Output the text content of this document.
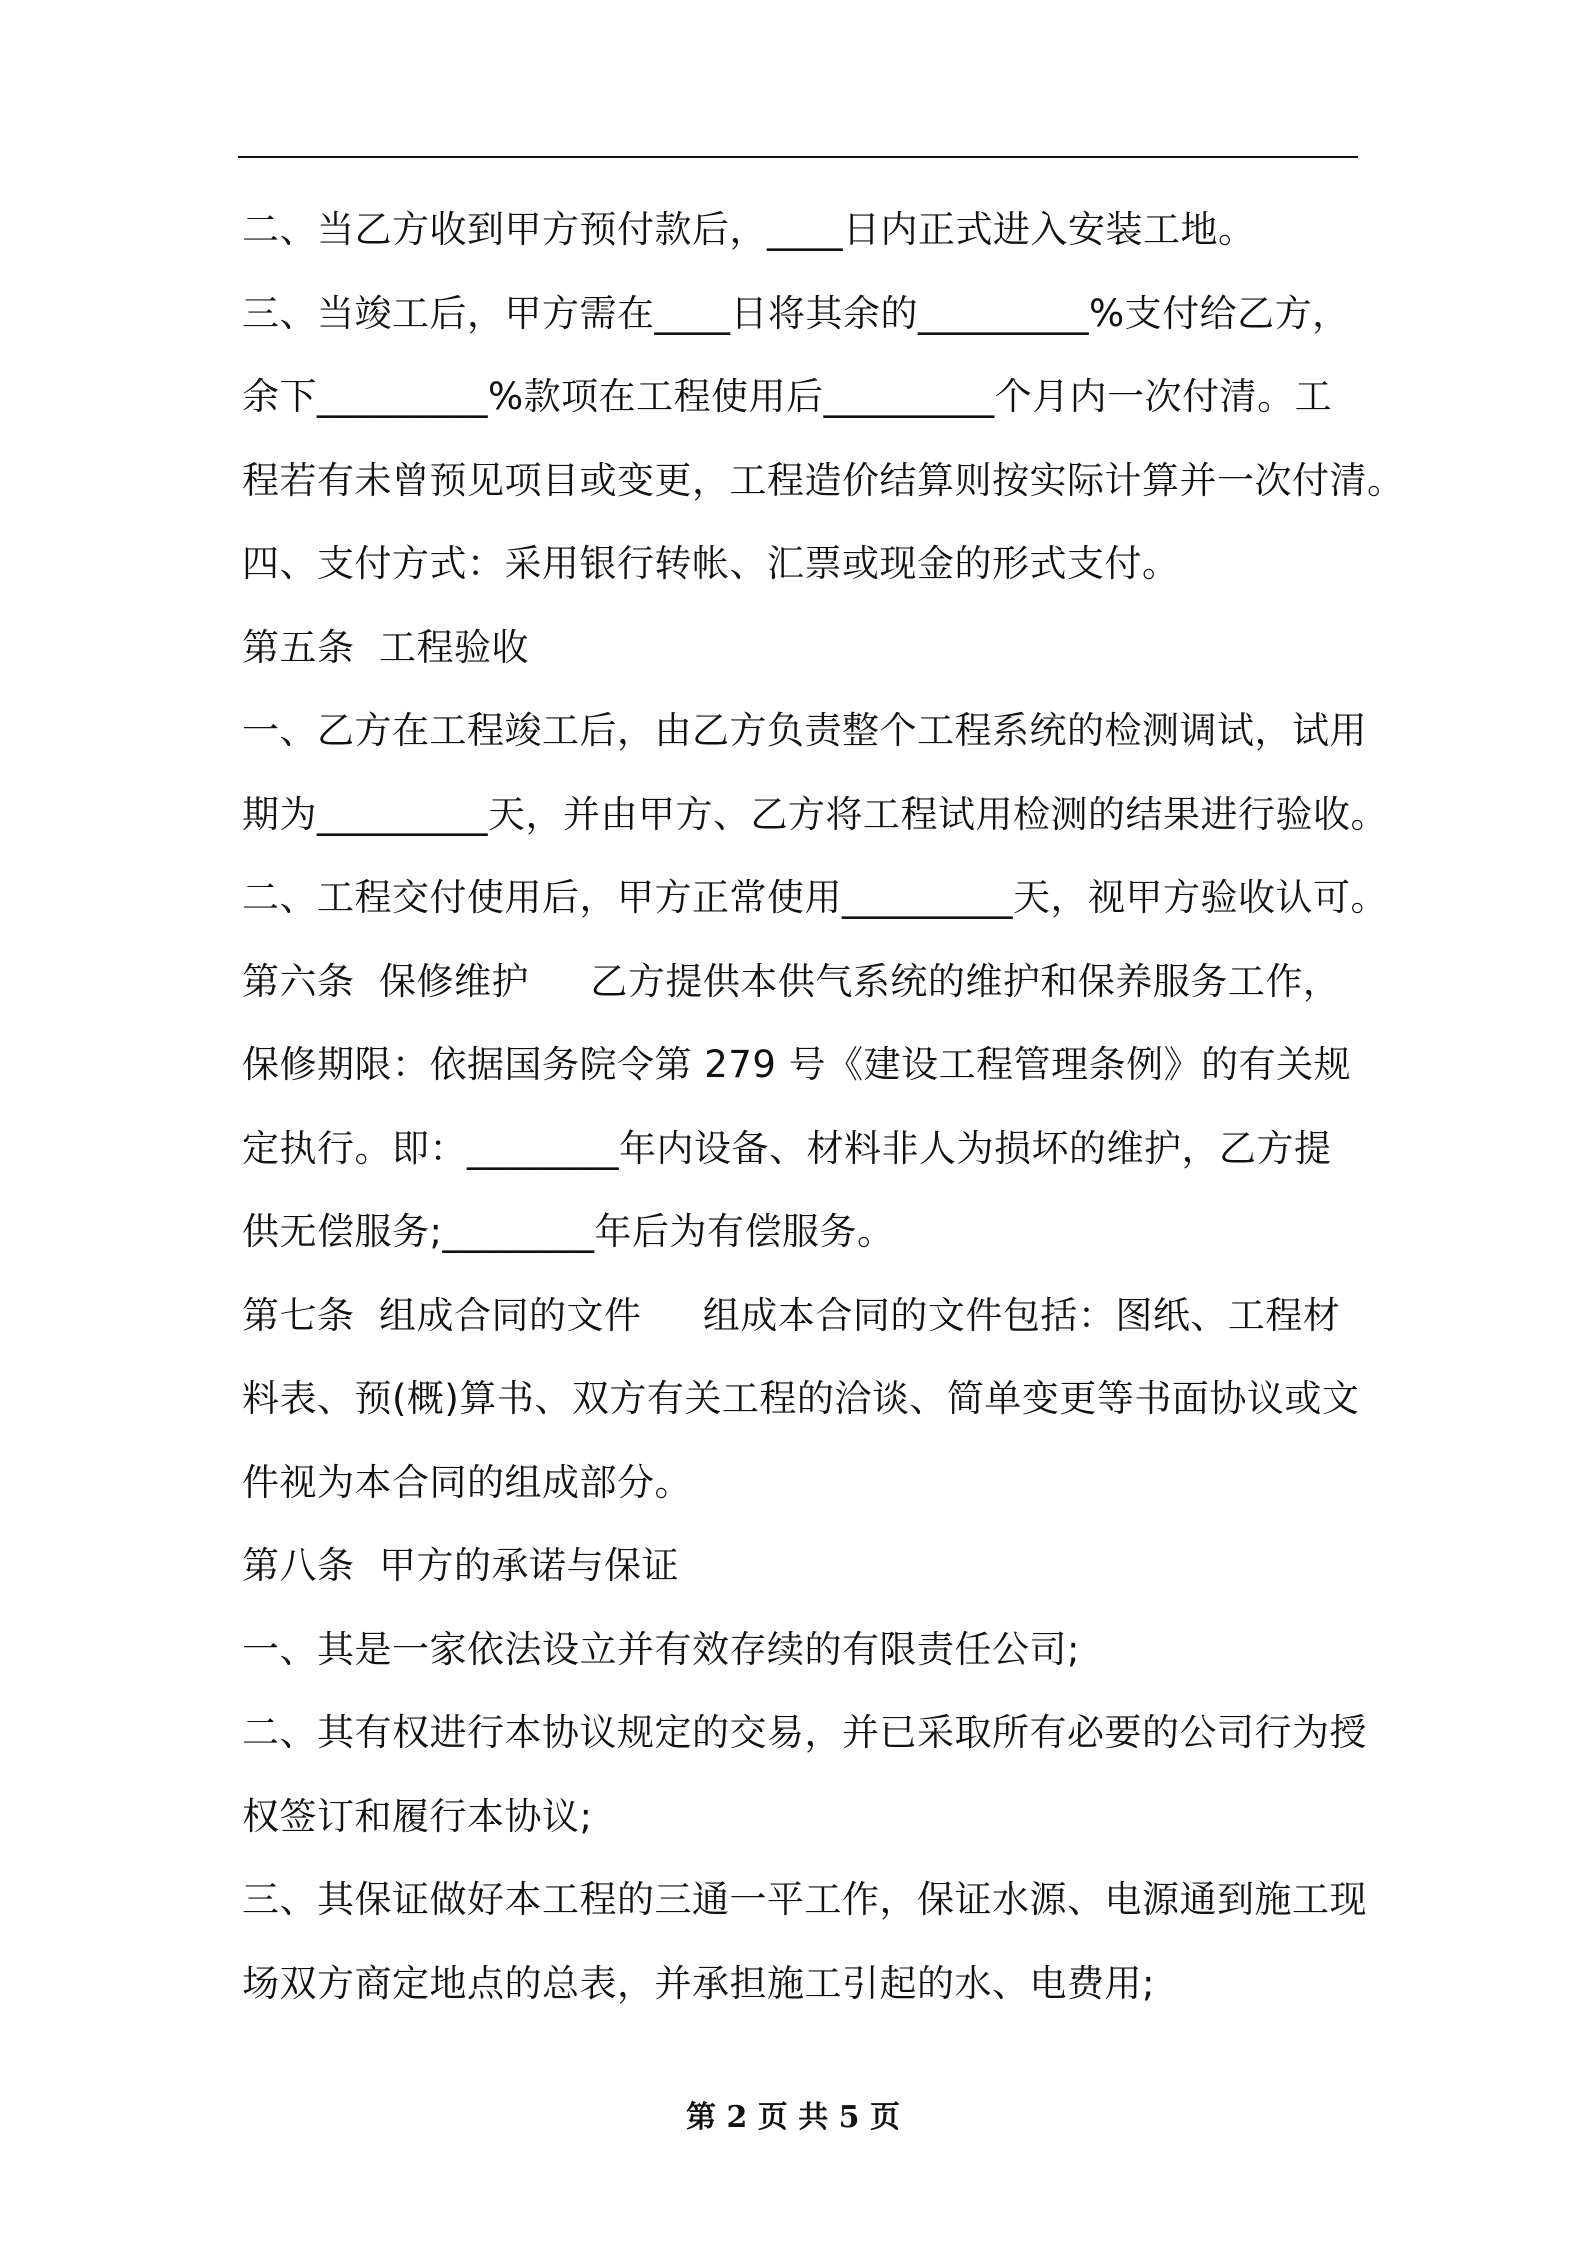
二、当乙方收到甲方预付款后，____日内正式进入安装工地。
三、当竣工后，甲方需在____日将其余的_________%支付给乙方，
余下_________%款项在工程使用后_________个月内一次付清。工
程若有未曾预见项目或变更，工程造价结算则按实际计算并一次付清。
四、支付方式：采用银行转帐、汇票或现金的形式支付。
第五条  工程验收
一、乙方在工程竣工后，由乙方负责整个工程系统的检测调试，试用
期为_________天，并由甲方、乙方将工程试用检测的结果进行验收。
二、工程交付使用后，甲方正常使用_________天，视甲方验收认可。
第六条  保修维护     乙方提供本供气系统的维护和保养服务工作，
保修期限：依据国务院令第 279 号《建设工程管理条例》的有关规
定执行。即：________年内设备、材料非人为损坏的维护，乙方提
供无偿服务;________年后为有偿服务。
第七条  组成合同的文件     组成本合同的文件包括：图纸、工程材
料表、预(概)算书、双方有关工程的洽谈、简单变更等书面协议或文
件视为本合同的组成部分。
第八条  甲方的承诺与保证
一、其是一家依法设立并有效存续的有限责任公司;
二、其有权进行本协议规定的交易，并已采取所有必要的公司行为授
权签订和履行本协议;
三、其保证做好本工程的三通一平工作，保证水源、电源通到施工现
场双方商定地点的总表，并承担施工引起的水、电费用;
第 2 页 共 5 页
